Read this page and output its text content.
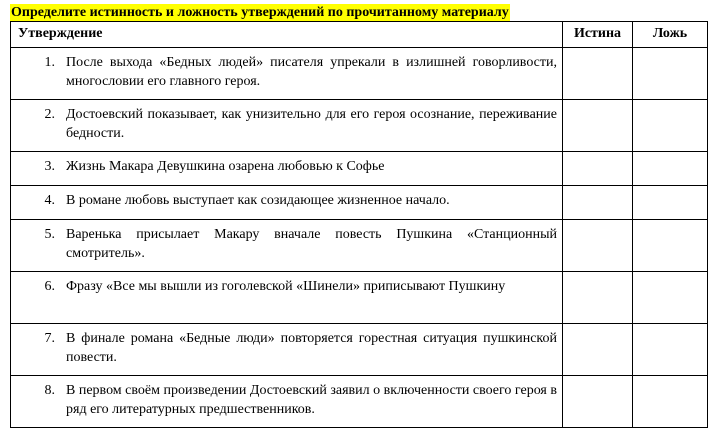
Определите истинность и ложность утверждений по прочитанному материалу
Утверждение	Истина	Ложь

1. После выхода «Бедных людей» писателя упрекали в излишней говорливости, многословии его главного героя.		

2. Достоевский показывает, как унизительно для его героя осознание, переживание бедности.		

3. Жизнь Макара Девушкина озарена любовью к Софье		

4. В романе любовь выступает как созидающее жизненное начало.		

5. Варенька присылает Макару вначале повесть Пушкина «Станционный смотритель».		

6. Фразу «Все мы вышли из гоголевской «Шинели» приписывают Пушкину		

7. В финале романа «Бедные люди» повторяется горестная ситуация пушкинской повести.		

8. В первом своём произведении Достоевский заявил о включенности своего героя в ряд его литературных предшественников.		
